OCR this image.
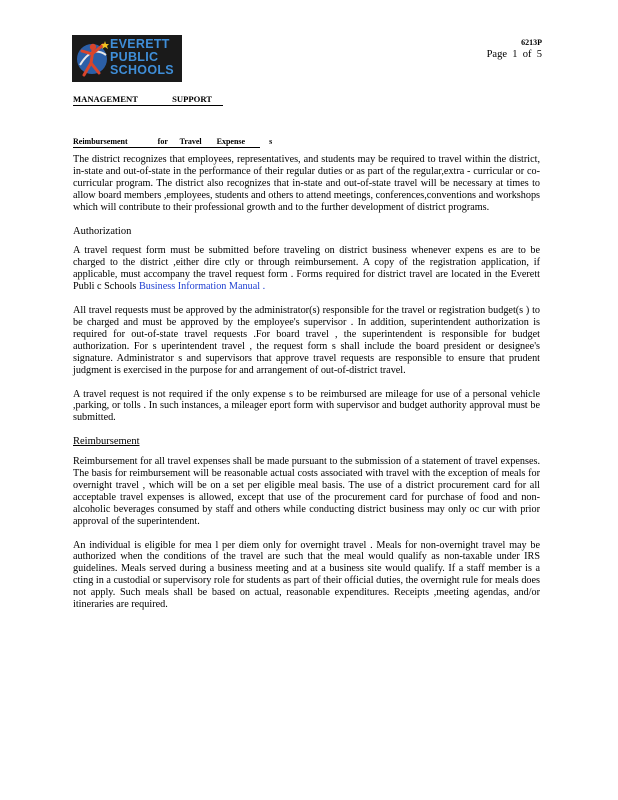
EVERETT
PUBLIC
SCHOOLS
6213P
Page  1  of  5
MANAGEMENT                SUPPORT
Reimbursement          for    Travel     Expense        s

The district recognizes that employees, representatives, and students may be required to travel within the district, in-state and out-of-state in the performance of their regular duties or as part of the regular,extra - curricular or co-curricular program. The district also recognizes that in-state and out-of-state travel will be necessary at times to allow board members ,employees, students and others to attend meetings, conferences,conventions and workshops which will contribute to their professional growth and to the further development of district programs.

Authorization

A travel request form must be submitted before traveling on district business whenever expens es are to be charged to the district ,either dire ctly or through reimbursement. A copy of the registration application, if applicable, must accompany the travel request form . Forms required for district travel are located in the Everett Publi c Schools Business Information Manual .

All travel requests must be approved by the administrator(s) responsible for the travel or registration budget(s ) to be charged and must be approved by the employee's supervisor . In addition, superintendent authorization is required for out-of-state travel requests .For board travel , the superintendent is responsible for budget authorization. For s uperintendent travel , the request form s shall include the board president or designee's signature. Administrator s and supervisors that approve travel requests are responsible to ensure that prudent judgment is exercised in the purpose for and arrangement of out-of-district travel.

A travel request is not required if the only expense s to be reimbursed are mileage for use of a personal vehicle ,parking, or tolls . In such instances, a mileager eport form with supervisor and budget authority approval must be submitted.

Reimbursement

Reimbursement for all travel expenses shall be made pursuant to the submission of a statement of travel expenses. The basis for reimbursement will be reasonable actual costs associated with travel with the exception of meals for overnight travel , which will be on a set per eligible meal basis. The use of a district procurement card for all acceptable travel expenses is allowed, except that use of the procurement card for purchase of food and non-alcoholic beverages consumed by staff and others while conducting district business may only oc cur with prior approval of the superintendent.

An individual is eligible for mea l per diem only for overnight travel . Meals for non-overnight travel may be authorized when the conditions of the travel are such that the meal would qualify as non-taxable under IRS guidelines. Meals served during a business meeting and at a business site would qualify. If a staff member is a cting in a custodial or supervisory role for students as part of their official duties, the overnight rule for meals does not apply. Such meals shall be based on actual, reasonable expenditures. Receipts ,meeting agendas, and/or itineraries are required.
